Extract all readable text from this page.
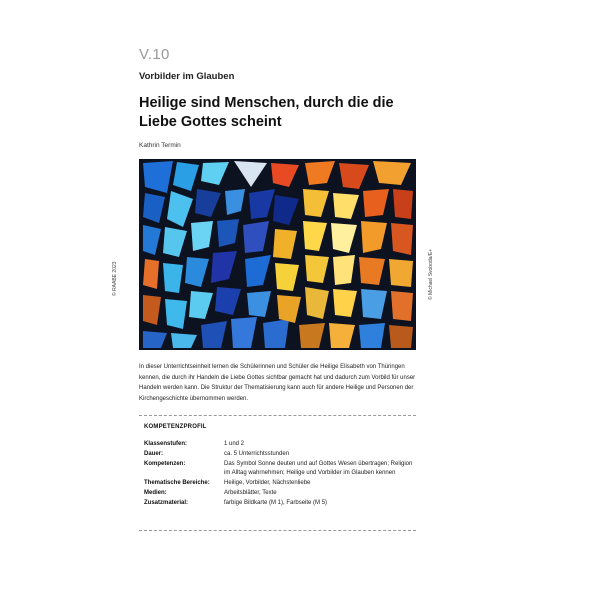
V.10
Vorbilder im Glauben
Heilige sind Menschen, durch die die Liebe Gottes scheint
Kathrin Termin
© RAABE 2023	© Michael Svoboda/E+

In dieser Unterrichtseinheit lernen die Schülerinnen und Schüler die Heilige Elisabeth von Thüringen kennen, die durch ihr Handeln die Liebe Gottes sichtbar gemacht hat und dadurch zum Vorbild für unser Handeln werden kann. Die Struktur der Thematisierung kann auch für andere Heilige und Personen der Kirchengeschichte übernommen werden.

KOMPETENZPROFIL
Klassenstufen:	1 und 2
Dauer:	ca. 5 Unterrichtsstunden
Kompetenzen:	Das Symbol Sonne deuten und auf Gottes Wesen übertragen; Religion im Alltag wahrnehmen; Heilige und Vorbilder im Glauben kennen
Thematische Bereiche:	Heilige, Vorbilder, Nächstenliebe
Medien:	Arbeitsblätter, Texte
Zusatzmaterial:	farbige Bildkarte (M 1), Farbseite (M 5)
